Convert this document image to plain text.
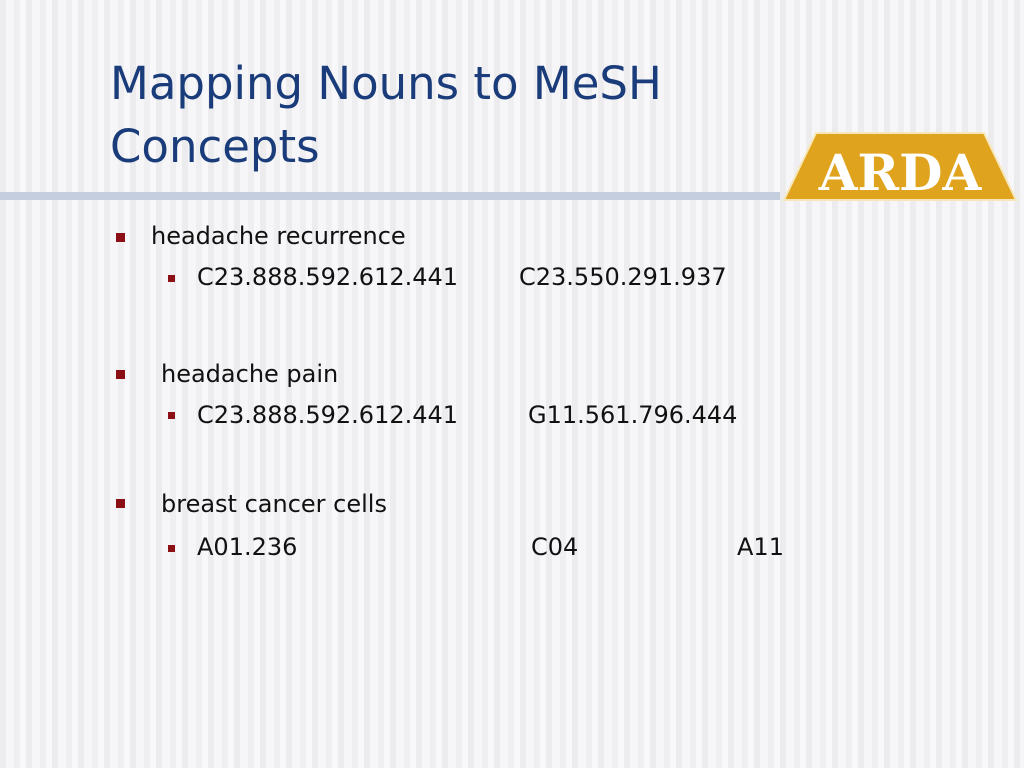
Mapping Nouns to MeSH Concepts	ARDA
headache recurrence
C23.888.592.612.441	C23.550.291.937
headache pain
C23.888.592.612.441	G11.561.796.444
breast cancer cells
A01.236	C04	A11
